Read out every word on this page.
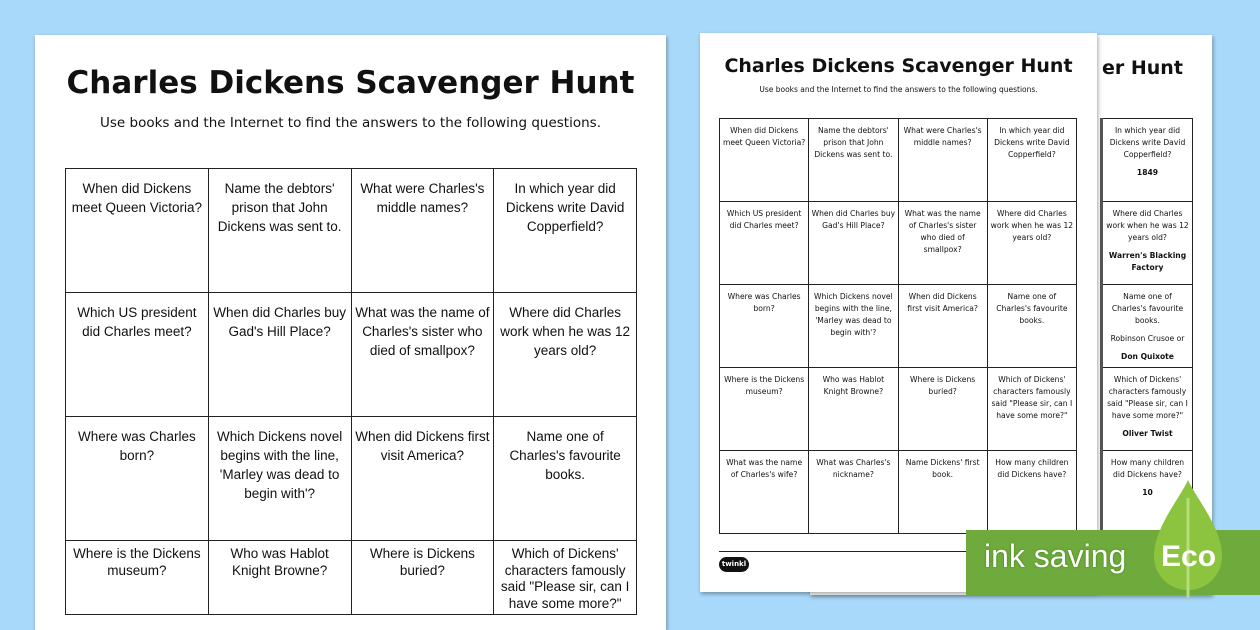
er Hunt
In which year did Dickens write David Copperfield?
1849

Where did Charles work when he was 12 years old?
Warren's Blacking Factory

Name one of Charles's favourite books.
Robinson Crusoe or
Don Quixote

Which of Dickens' characters famously said "Please sir, can I have some more?"
Oliver Twist

How many children did Dickens have?
10
Charles Dickens Scavenger Hunt
Use books and the Internet to find the answers to the following questions.
When did Dickens meet Queen Victoria?	Name the debtors' prison that John Dickens was sent to.	What were Charles's middle names?	In which year did Dickens write David Copperfield?
Which US president did Charles meet?	When did Charles buy Gad's Hill Place?	What was the name of Charles's sister who died of smallpox?	Where did Charles work when he was 12 years old?
Where was Charles born?	Which Dickens novel begins with the line, 'Marley was dead to begin with'?	When did Dickens first visit America?	Name one of Charles's favourite books.
Where is the Dickens museum?	Who was Hablot Knight Browne?	Where is Dickens buried?	Which of Dickens' characters famously said "Please sir, can I have some more?"
Charles Dickens Scavenger Hunt
Use books and the Internet to find the answers to the following questions.
When did Dickens meet Queen Victoria?	Name the debtors' prison that John Dickens was sent to.	What were Charles's middle names?	In which year did Dickens write David Copperfield?
Which US president did Charles meet?	When did Charles buy Gad's Hill Place?	What was the name of Charles's sister who died of smallpox?	Where did Charles work when he was 12 years old?
Where was Charles born?	Which Dickens novel begins with the line, 'Marley was dead to begin with'?	When did Dickens first visit America?	Name one of Charles's favourite books.
Where is the Dickens museum?	Who was Hablot Knight Browne?	Where is Dickens buried?	Which of Dickens' characters famously said "Please sir, can I have some more?"
What was the name of Charles's wife?	What was Charles's nickname?	Name Dickens' first book.	How many children did Dickens have?
twinkl	ink saving Eco
